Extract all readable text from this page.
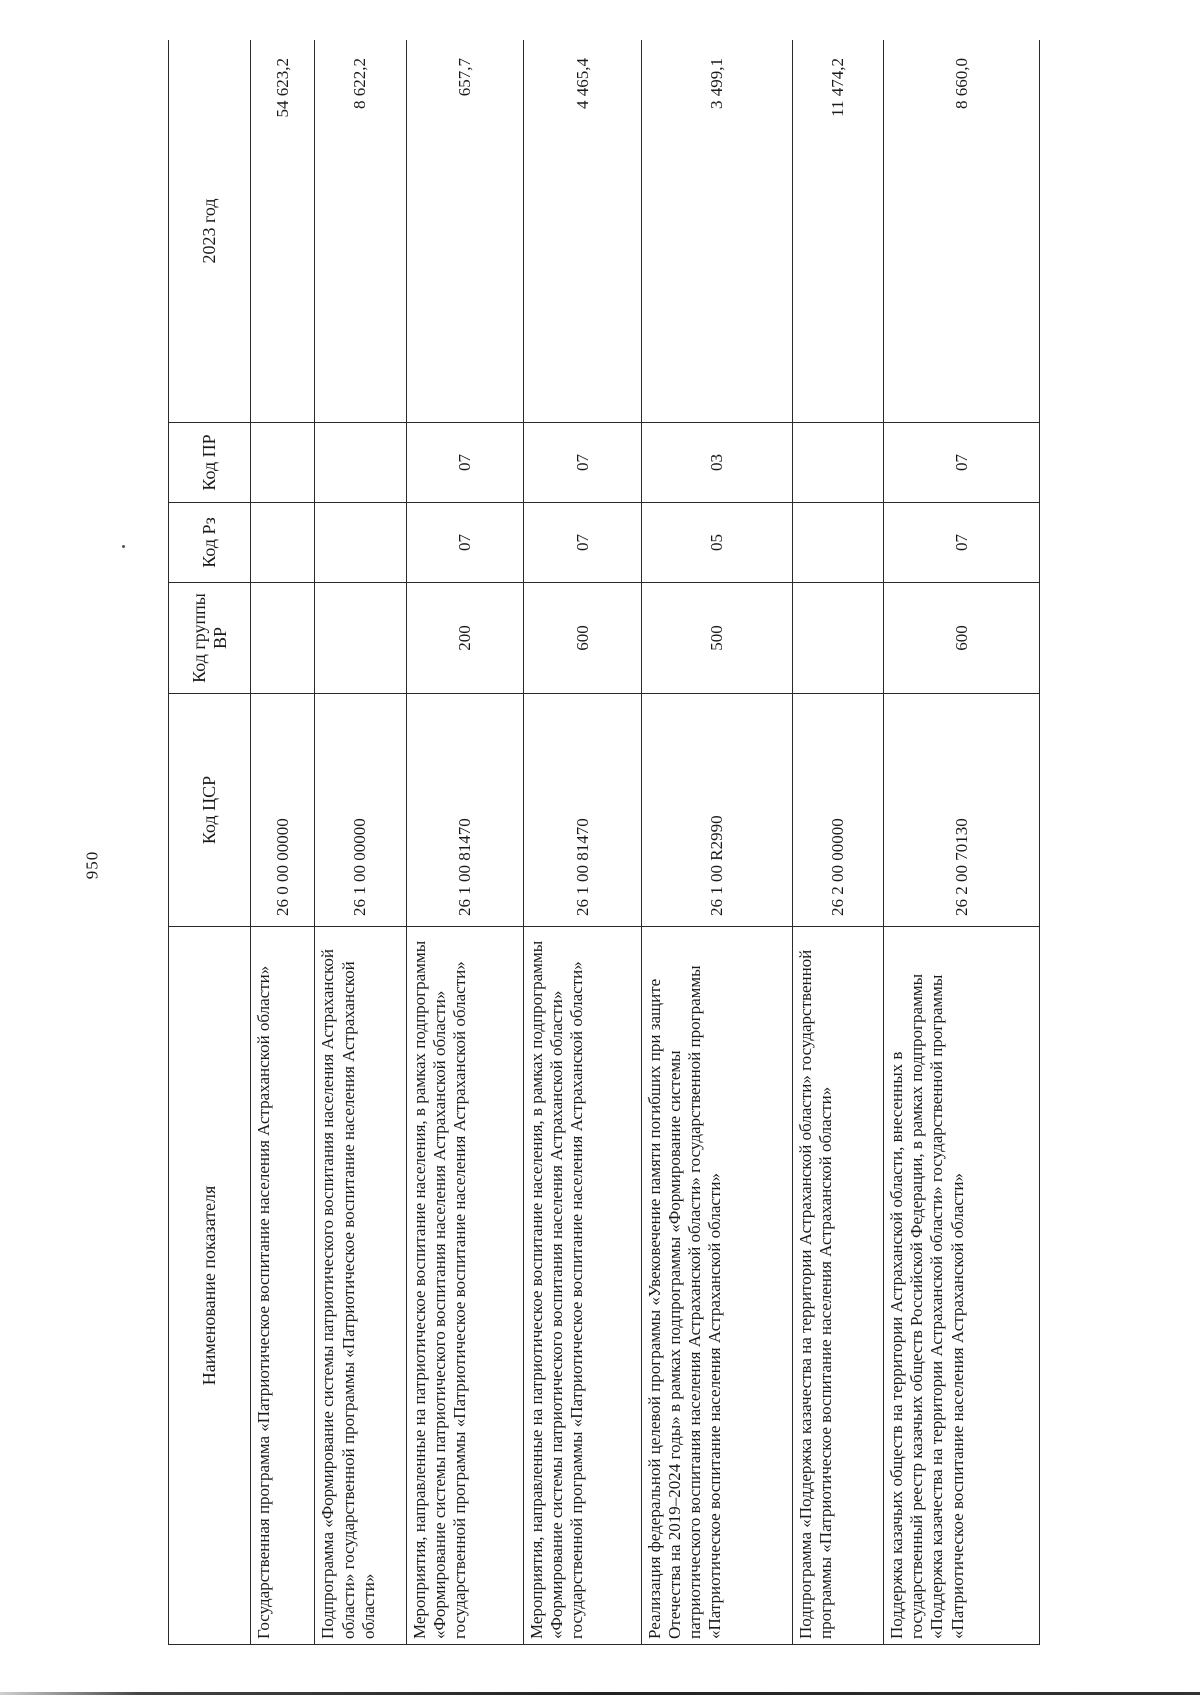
950
Наименование показателя	Код ЦСР	Код группы ВР	Код Рз	Код ПР	2023 год
Государственная программа «Патриотическое воспитание населения Астраханской области»	26 0 00 00000				54 623,2
Подпрограмма «Формирование системы патриотического воспитания населения Астраханской области» государственной программы «Патриотическое воспитание населения Астраханской области»	26 1 00 00000				8 622,2
Мероприятия, направленные на патриотическое воспитание населения, в рамках подпрограммы «Формирование системы патриотического воспитания населения Астраханской области» государственной программы «Патриотическое воспитание населения Астраханской области»	26 1 00 81470	200	07	07	657,7
Мероприятия, направленные на патриотическое воспитание населения, в рамках подпрограммы «Формирование системы патриотического воспитания населения Астраханской области» государственной программы «Патриотическое воспитание населения Астраханской области»	26 1 00 81470	600	07	07	4 465,4
Реализация федеральной целевой программы «Увековечение памяти погибших при защите Отечества на 2019–2024 годы» в рамках подпрограммы «Формирование системы патриотического воспитания населения Астраханской области» государственной программы «Патриотическое воспитание населения Астраханской области»	26 1 00 R2990	500	05	03	3 499,1
Подпрограмма «Поддержка казачества на территории Астраханской области» государственной программы «Патриотическое воспитание населения Астраханской области»	26 2 00 00000				11 474,2
Поддержка казачьих обществ на территории Астраханской области, внесенных в государственный реестр казачьих обществ Российской Федерации, в рамках подпрограммы «Поддержка казачества на территории Астраханской области» государственной программы «Патриотическое воспитание населения Астраханской области»	26 2 00 70130	600	07	07	8 660,0
